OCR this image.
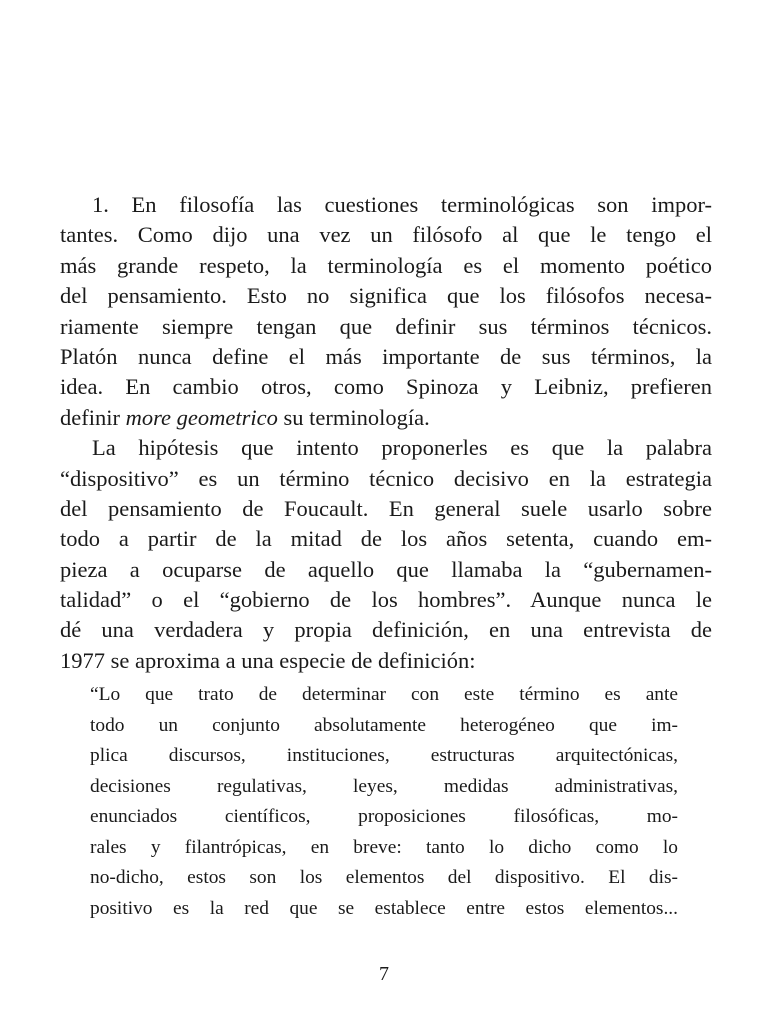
1. En filosofía las cuestiones terminológicas son impor-
tantes. Como dijo una vez un filósofo al que le tengo el
más grande respeto, la terminología es el momento poético
del pensamiento. Esto no significa que los filósofos necesa-
riamente siempre tengan que definir sus términos técnicos.
Platón nunca define el más importante de sus términos, la
idea. En cambio otros, como Spinoza y Leibniz, prefieren
definir more geometrico su terminología.
La hipótesis que intento proponerles es que la palabra
“dispositivo” es un término técnico decisivo en la estrategia
del pensamiento de Foucault. En general suele usarlo sobre
todo a partir de la mitad de los años setenta, cuando em-
pieza a ocuparse de aquello que llamaba la “gubernamen-
talidad” o el “gobierno de los hombres”. Aunque nunca le
dé una verdadera y propia definición, en una entrevista de
1977 se aproxima a una especie de definición:
“Lo que trato de determinar con este término es ante
todo un conjunto absolutamente heterogéneo que im-
plica discursos, instituciones, estructuras arquitectónicas,
decisiones regulativas, leyes, medidas administrativas,
enunciados científicos, proposiciones filosóficas, mo-
rales y filantrópicas, en breve: tanto lo dicho como lo
no-dicho, estos son los elementos del dispositivo. El dis-
positivo es la red que se establece entre estos elementos...
7
